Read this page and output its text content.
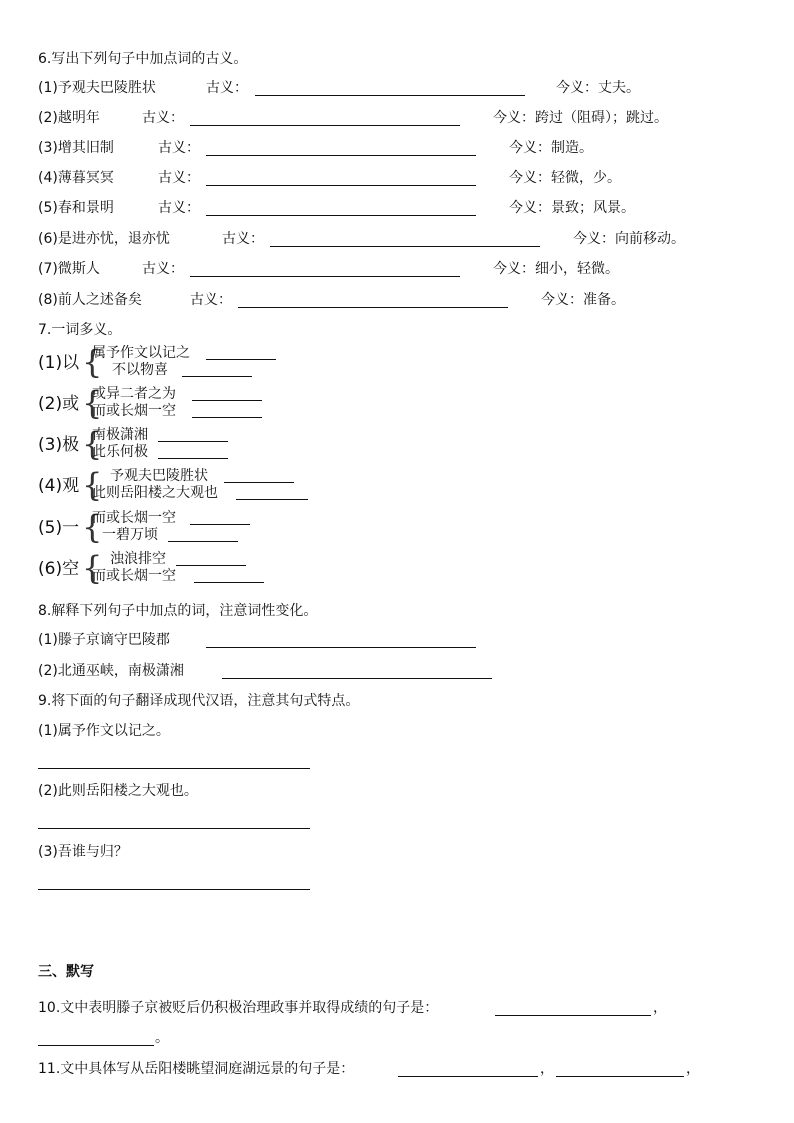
6.写出下列句子中加点词的古义。
(1)予观夫巴陵胜状	古义：	今义：丈夫。
(2)越明年	古义：	今义：跨过（阻碍）；跳过。
(3)增其旧制	古义：	今义：制造。
(4)薄暮冥冥	古义：	今义：轻微，少。
(5)春和景明	古义：	今义：景致；风景。
(6)是进亦忧，退亦忧	古义：	今义：向前移动。
(7)微斯人	古义：	今义：细小，轻微。
(8)前人之述备矣	古义：	今义：准备。
7.一词多义。
(1)以 {
属予作文以记之
不以物喜
(2)或 {
或异二者之为
而或长烟一空
(3)极 {
南极潇湘
此乐何极
(4)观 { 予观夫巴陵胜状
此则岳阳楼之大观也
(5)一 {
而或长烟一空
一碧万顷
(6)空 { 浊浪排空
而或长烟一空
8.解释下列句子中加点的词，注意词性变化。
(1)滕子京谪守巴陵郡
(2)北通巫峡，南极潇湘
9.将下面的句子翻译成现代汉语，注意其句式特点。
(1)属予作文以记之。
(2)此则岳阳楼之大观也。
(3)吾谁与归？
三、默写
10.文中表明滕子京被贬后仍积极治理政事并取得成绩的句子是：	，
。
11.文中具体写从岳阳楼眺望洞庭湖远景的句子是：	，	，
